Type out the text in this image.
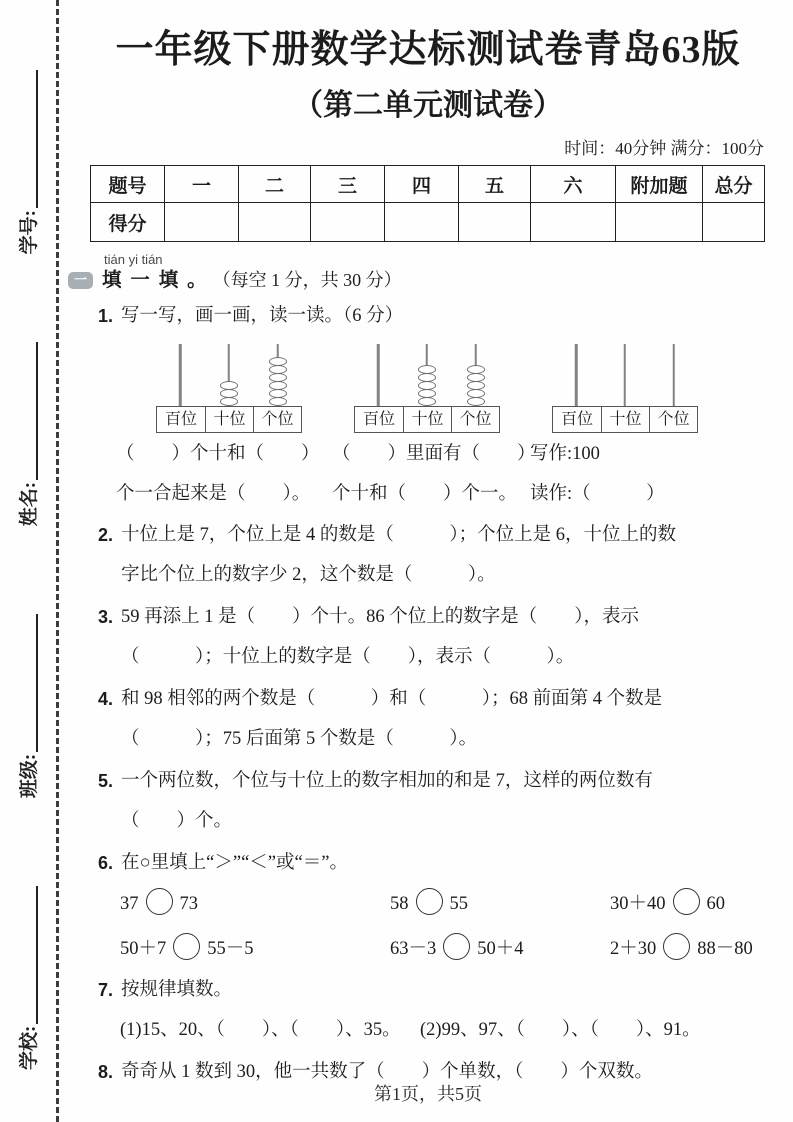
学号:
姓名:
班级:
学校:
一年级下册数学达标测试卷青岛63版
（第二单元测试卷）
时间：40分钟 满分：100分
题号	一	二	三	四	五	六	附加题	总分
得分								
一
tián yi tián
填 一 填 。 （每空 1 分，共 30 分）
1. 写一写，画一画，读一读。（6 分）
百位	十位 个位	百位	十位 个位	百位	十位 个位
（　　）个十和（　　） （　　）里面有（　　）
写作:100
个一合起来是（　　）。	个十和（　　）个一。 读作:（　　　）
2. 十位上是 7，个位上是 4 的数是（　　　）；个位上是 6，十位上的数
字比个位上的数字少 2，这个数是（　　　）。
3. 59 再添上 1 是（　　）个十。86 个位上的数字是（　　），表示
（　　　）；十位上的数字是（　　），表示（　　　）。
4. 和 98 相邻的两个数是（　　　）和（　　　）；68 前面第 4 个数是
（　　　）；75 后面第 5 个数是（　　　）。
5. 一个两位数，个位与十位上的数字相加的和是 7，这样的两位数有
（　　）个。
6. 在○里填上“＞”“＜”或“＝”。
37 73	58 55	30＋40 60
50＋7 55－5	63－3 50＋4	2＋30 88－80
7. 按规律填数。
(1)15、20、（　　）、（　　）、35。	(2)99、97、（　　）、（　　）、91。
8. 奇奇从 1 数到 30，他一共数了（　　）个单数，（　　）个双数。
第1页，共5页
